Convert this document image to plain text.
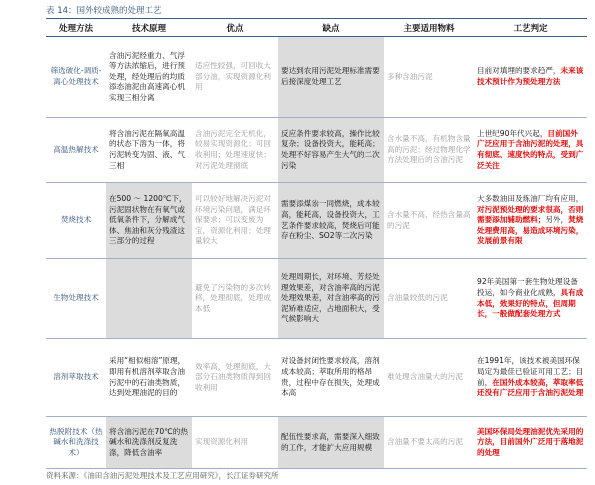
表 14：国外较成熟的处理工艺
处理方法	技术原理	优点	缺点	主要适用物料	工艺判定
筛选破化-调质-离心处理技术	含油污泥经重力、气浮等方法浓缩后，进行预处理，经处理后的均质添态油泥由高速离心机实现三相分离	适应性较强，可回收大部分油，实现资源化利用	要达到农用污泥处理标准需要后接深度处理工艺	多种含油污泥	目前对填埋的要求趋严，未来该技术预计作为预处理方法
高温热解技术	将含油污泥在隔氧高温的状态下溶为一体，将污泥转变为固、液、气三相	含油污泥完全无机化，较易实现资源化；可回收利用；处理速度快；对污泥处理彻底	反应条件要求较高，操作比较复杂；设备投资大，能耗高；处理不好容易产生大气的二次污染	含水量不高，有机物含量高的污泥；经过物理化学方法处理后的含油污泥	上世纪90年代兴起，目前国外广泛应用于含油污泥的处理，具有彻底、速度快的特点，受到广泛关注
焚烧技术	在500 ～ 1200℃下，污泥固状物在有氧气或低氧条件下，分解成气体、焦油和灰分残渣这三部分的过程	可以较好地解决污泥对环境污染问题，满足环保要求；可以变废为宝，资源化利用；处理量较大	需要添煤尜一同燃烧，成本较高，能耗高，设备投资大，工艺条件要求较高，焚烧后可能存在粉尘、SO2等二次污染	含水量不高，经热含量高的污泥	大多数油田及炼油厂均有应用，对污泥预处理的要求很高，否则需要添加辅助燃料；另外，焚烧处理费用高，易造成环境污染，发展前景有限
生物处理技术		避免了污染物的多次转移，处理彻底，处理成本低	处理周期长，对环境、芳烃处理效果差，对含油率高的污泥处理效果差，对含油率高的污泥矫难适应，占地面积大，受气候影响大	含油量较低的污泥	92年美国第一套生物处理设备投运，如今商业化成熟，具有成本低，效果好的特点，但周期长，一般做配套处理方式
溶剂萃取技术	采用“相似相溶”原理，即用有机溶剂萃取含油污泥中的石油类物质，达到处理油泥的目的	效率高，处理彻底，大部分石油类物质得到回收利用	对设备封闭性要求较高，溶剂成本较高；萃取所用的格昂贵，过程中存在损失，处理成本高	难处理含油量大的污泥	在1991年，该技术被美国环保局定为最佳已验证可用工艺；目前，在国外成本较高，萃取率低还没有广泛应用于含油污泥处理
热脱附技术（热碱水和洗涤技术）	将含油污泥在70℃的热碱水和洗涤剂反复洗涤，降低含油率	实现资源化利用	配伍性要求高，需要深入细致的工作，才能扩大应用规模	含油量不要太高的污泥	美国环保局处理油泥优先采用的方法，目前国外广泛用于落地泥的处理
资料来源：《油田含油污泥处理技术及工艺应用研究》，长江证券研究所
